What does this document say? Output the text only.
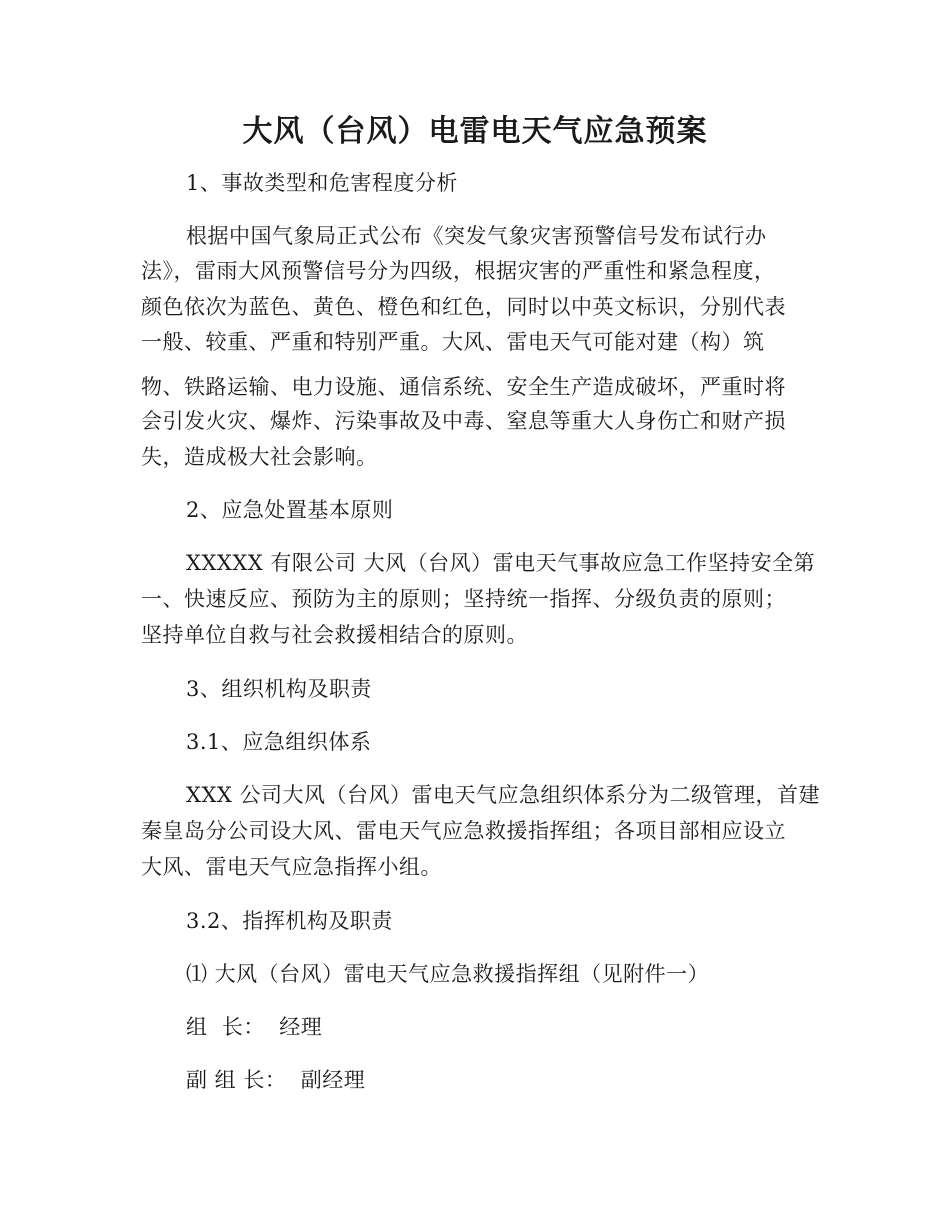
大风（台风）电雷电天气应急预案
1、事故类型和危害程度分析
根据中国气象局正式公布《突发气象灾害预警信号发布试行办
法》，雷雨大风预警信号分为四级，根据灾害的严重性和紧急程度，
颜色依次为蓝色、黄色、橙色和红色，同时以中英文标识，分别代表
一般、较重、严重和特别严重。大风、雷电天气可能对建（构）筑
物、铁路运输、电力设施、通信系统、安全生产造成破坏，严重时将
会引发火灾、爆炸、污染事故及中毒、窒息等重大人身伤亡和财产损
失，造成极大社会影响。
2、应急处置基本原则
XXXXX 有限公司 大风（台风）雷电天气事故应急工作坚持安全第
一、快速反应、预防为主的原则；坚持统一指挥、分级负责的原则；
坚持单位自救与社会救援相结合的原则。
3、组织机构及职责
3.1、应急组织体系
XXX 公司大风（台风）雷电天气应急组织体系分为二级管理，首建
秦皇岛分公司设大风、雷电天气应急救援指挥组；各项目部相应设立
大风、雷电天气应急指挥小组。
3.2、指挥机构及职责
⑴ 大风（台风）雷电天气应急救援指挥组（见附件一）
组  长：  经理
副 组 长：  副经理
